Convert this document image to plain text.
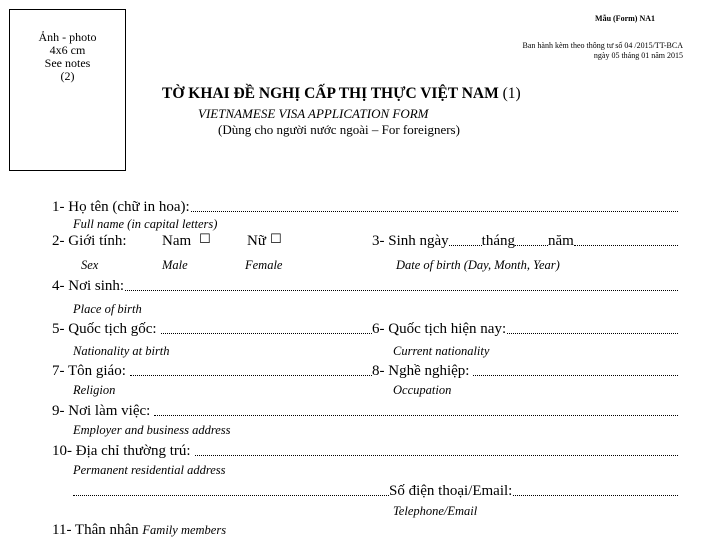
Ảnh - photo
4x6 cm
See notes
(2)
Mẫu (Form) NA1
Ban hành kèm theo thông tư số 04 /2015/TT-BCA
ngày 05 tháng 01 năm 2015
TỜ KHAI ĐỀ NGHỊ CẤP THỊ THỰC VIỆT NAM (1)
VIETNAMESE VISA APPLICATION FORM
(Dùng cho người nước ngoài – For foreigners)
1- Họ tên (chữ in hoa):
Full name (in capital letters)
2- Giới tính: Nam ☐ Nữ ☐	3- Sinh ngày tháng năm
Sex	Male	Female	Date of birth (Day, Month, Year)
4- Nơi sinh:
Place of birth
5- Quốc tịch gốc:	6- Quốc tịch hiện nay:
Nationality at birth	Current nationality
7- Tôn giáo:	8- Nghề nghiệp:
Religion	Occupation
9- Nơi làm việc:
Employer and business address
10- Địa chỉ thường trú:
Permanent residential address
Số điện thoại/Email:
Telephone/Email
11- Thân nhân Family members
